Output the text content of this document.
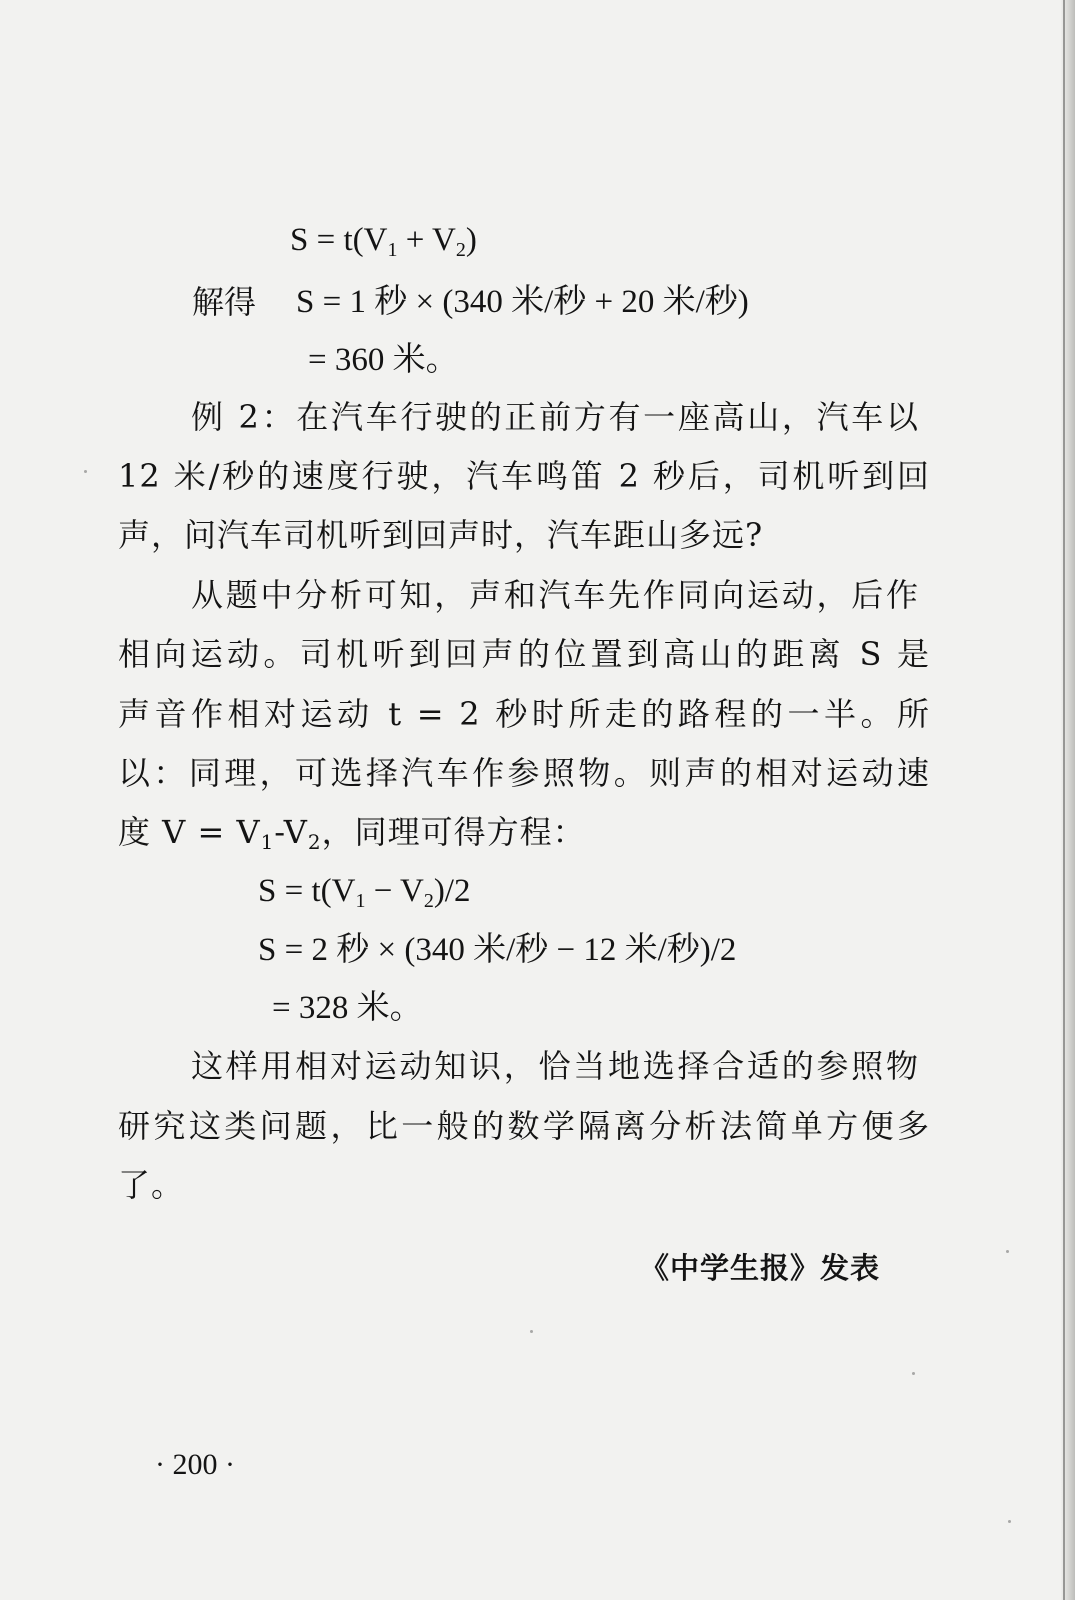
$S = t(V_1 + V_2)$
解得 S = 1 秒 × (340 米/秒 + 20 米/秒)
= 360 米。
例 2：在汽车行驶的正前方有一座高山，汽车以
12 米/秒的速度行驶，汽车鸣笛 2 秒后，司机听到回
声，问汽车司机听到回声时，汽车距山多远?
从题中分析可知，声和汽车先作同向运动，后作
相向运动。司机听到回声的位置到高山的距离 S 是
声音作相对运动 t = 2 秒时所走的路程的一半。所
以：同理，可选择汽车作参照物。则声的相对运动速
度 $V = V_1-V_2$，同理可得方程：
$S = t(V_1 - V_2)/2$
S = 2 秒 × (340 米/秒 − 12 米/秒)/2
= 328 米。
这样用相对运动知识，恰当地选择合适的参照物
研究这类问题，比一般的数学隔离分析法简单方便多
了。
《中学生报》发表
· 200 ·
